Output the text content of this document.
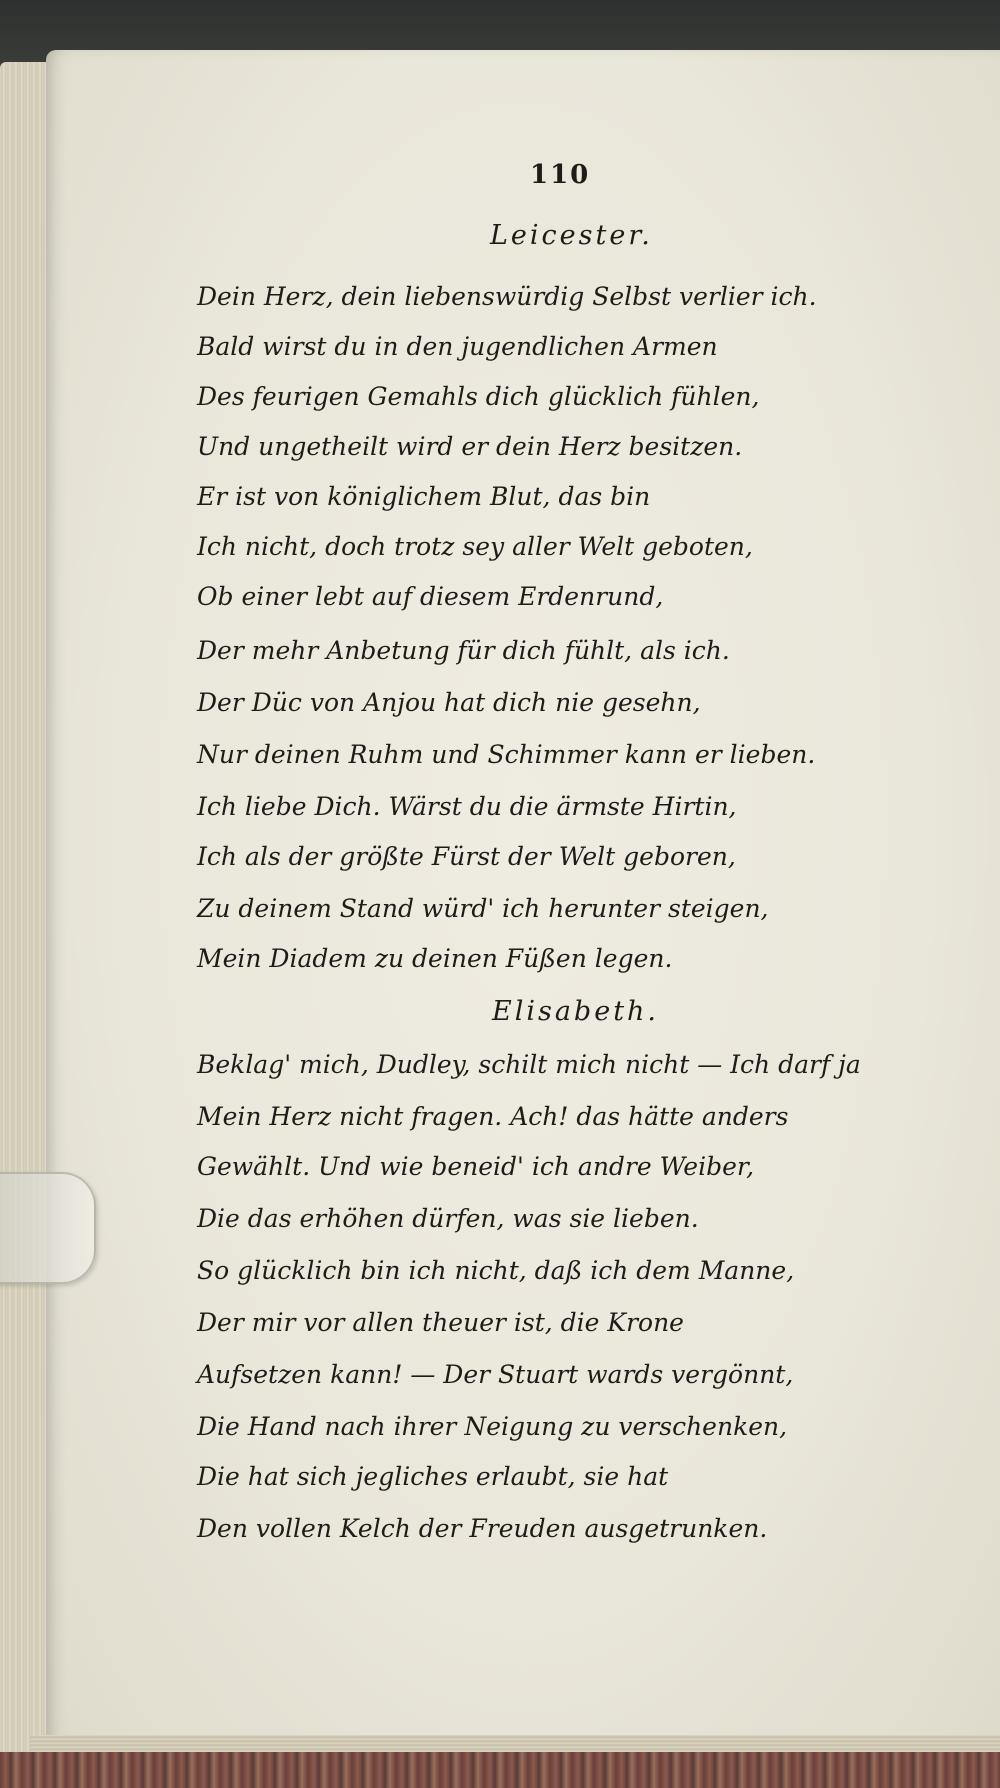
110
Leicester.
Dein Herz, dein liebenswürdig Selbst verlier ich.
Bald wirst du in den jugendlichen Armen
Des feurigen Gemahls dich glücklich fühlen,
Und ungetheilt wird er dein Herz besitzen.
Er ist von königlichem Blut, das bin
Ich nicht, doch trotz sey aller Welt geboten,
Ob einer lebt auf diesem Erdenrund,
Der mehr Anbetung für dich fühlt, als ich.
Der Düc von Anjou hat dich nie gesehn,
Nur deinen Ruhm und Schimmer kann er lieben.
Ich liebe Dich. Wärst du die ärmste Hirtin,
Ich als der größte Fürst der Welt geboren,
Zu deinem Stand würd' ich herunter steigen,
Mein Diadem zu deinen Füßen legen.
Elisabeth.
Beklag' mich, Dudley, schilt mich nicht — Ich darf ja
Mein Herz nicht fragen. Ach! das hätte anders
Gewählt. Und wie beneid' ich andre Weiber,
Die das erhöhen dürfen, was sie lieben.
So glücklich bin ich nicht, daß ich dem Manne,
Der mir vor allen theuer ist, die Krone
Aufsetzen kann! — Der Stuart wards vergönnt,
Die Hand nach ihrer Neigung zu verschenken,
Die hat sich jegliches erlaubt, sie hat
Den vollen Kelch der Freuden ausgetrunken.
